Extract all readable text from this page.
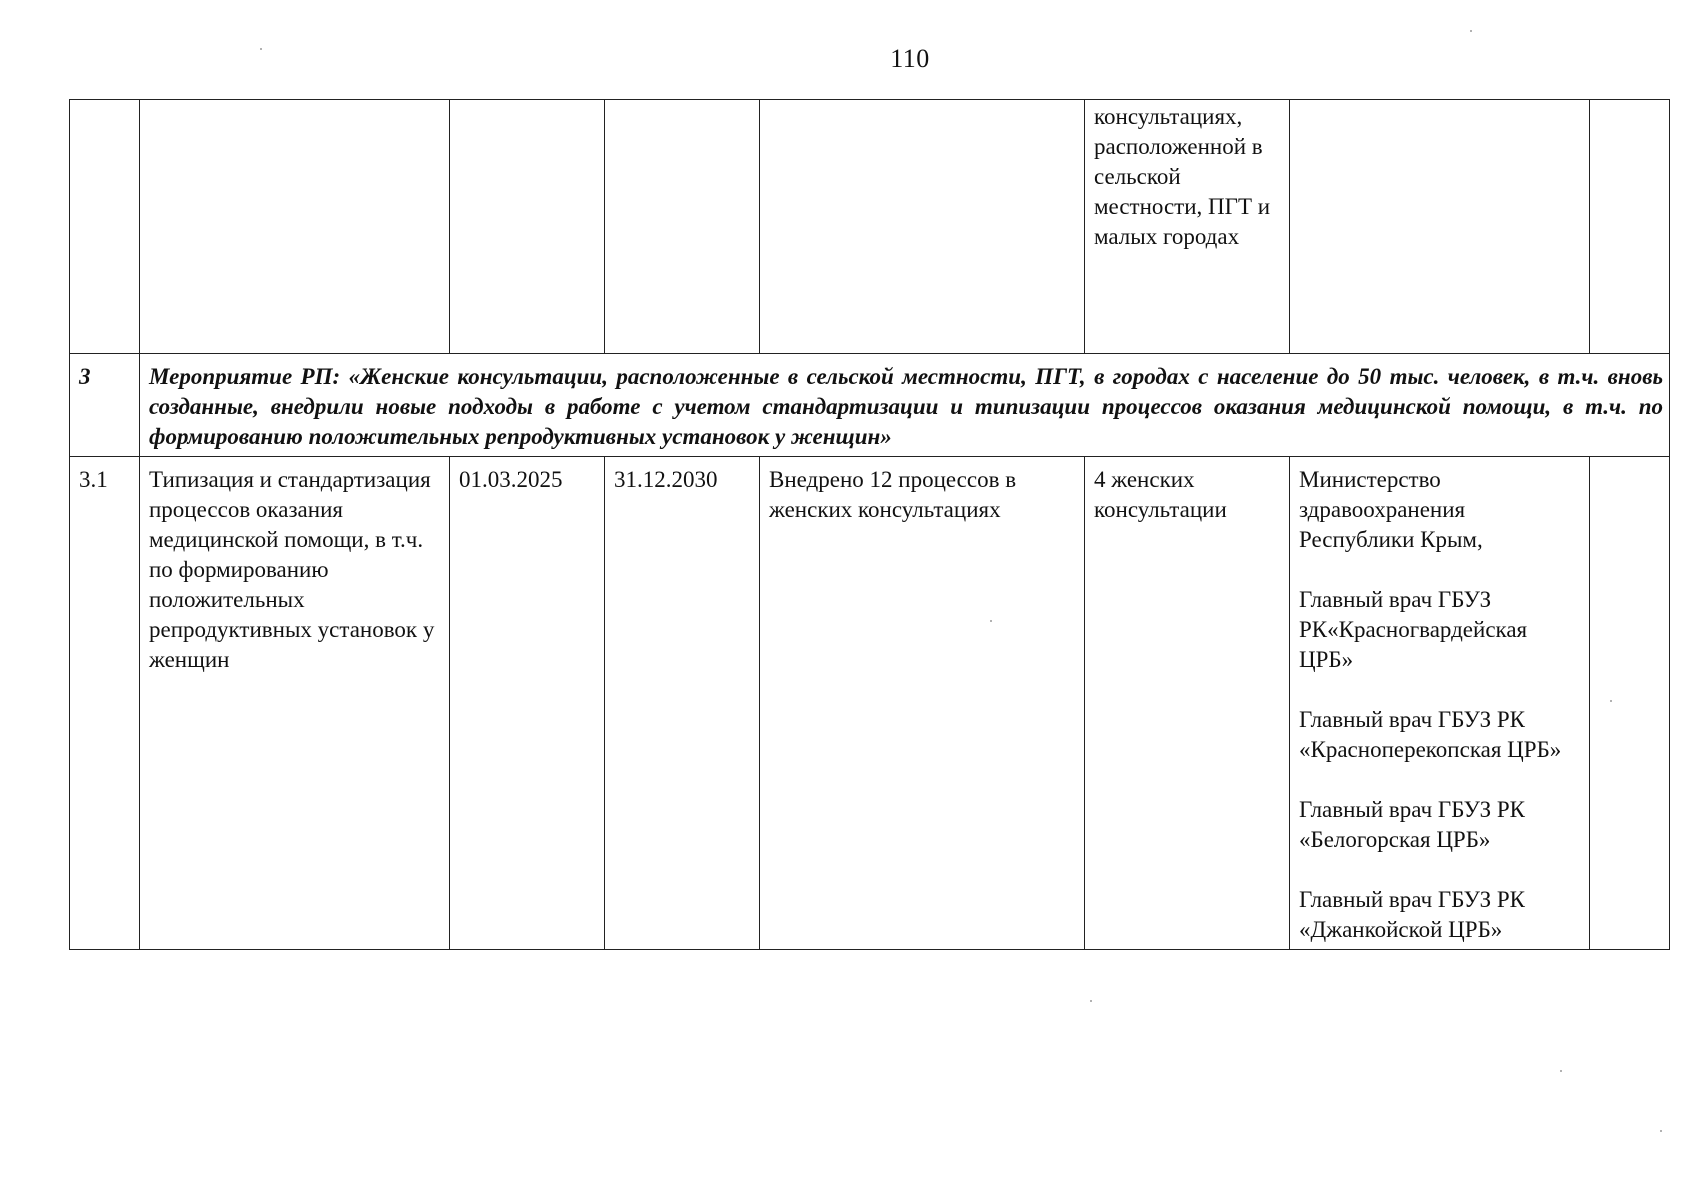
110
					консультациях, расположенной в сельской местности, ПГТ и малых городах		
3	Мероприятие РП: «Женские консультации, расположенные в сельской местности, ПГТ, в городах с население до 50 тыс. человек, в т.ч. вновь созданные, внедрили новые подходы в работе с учетом стандартизации и типизации процессов оказания медицинской помощи, в т.ч. по формированию положительных репродуктивных установок у женщин»						
3.1	Типизация и стандартизация процессов оказания медицинской помощи, в т.ч. по формированию положительных репродуктивных установок у женщин	01.03.2025	31.12.2030	Внедрено 12 процессов в женских консультациях	4 женских консультации	Министерство здравоохранения Республики Крым,

Главный врач ГБУЗ РК«Красногвардейская ЦРБ»

Главный врач ГБУЗ РК «Красноперекопская ЦРБ»

Главный врач ГБУЗ РК «Белогорская ЦРБ»

Главный врач ГБУЗ РК «Джанкойской ЦРБ»	
